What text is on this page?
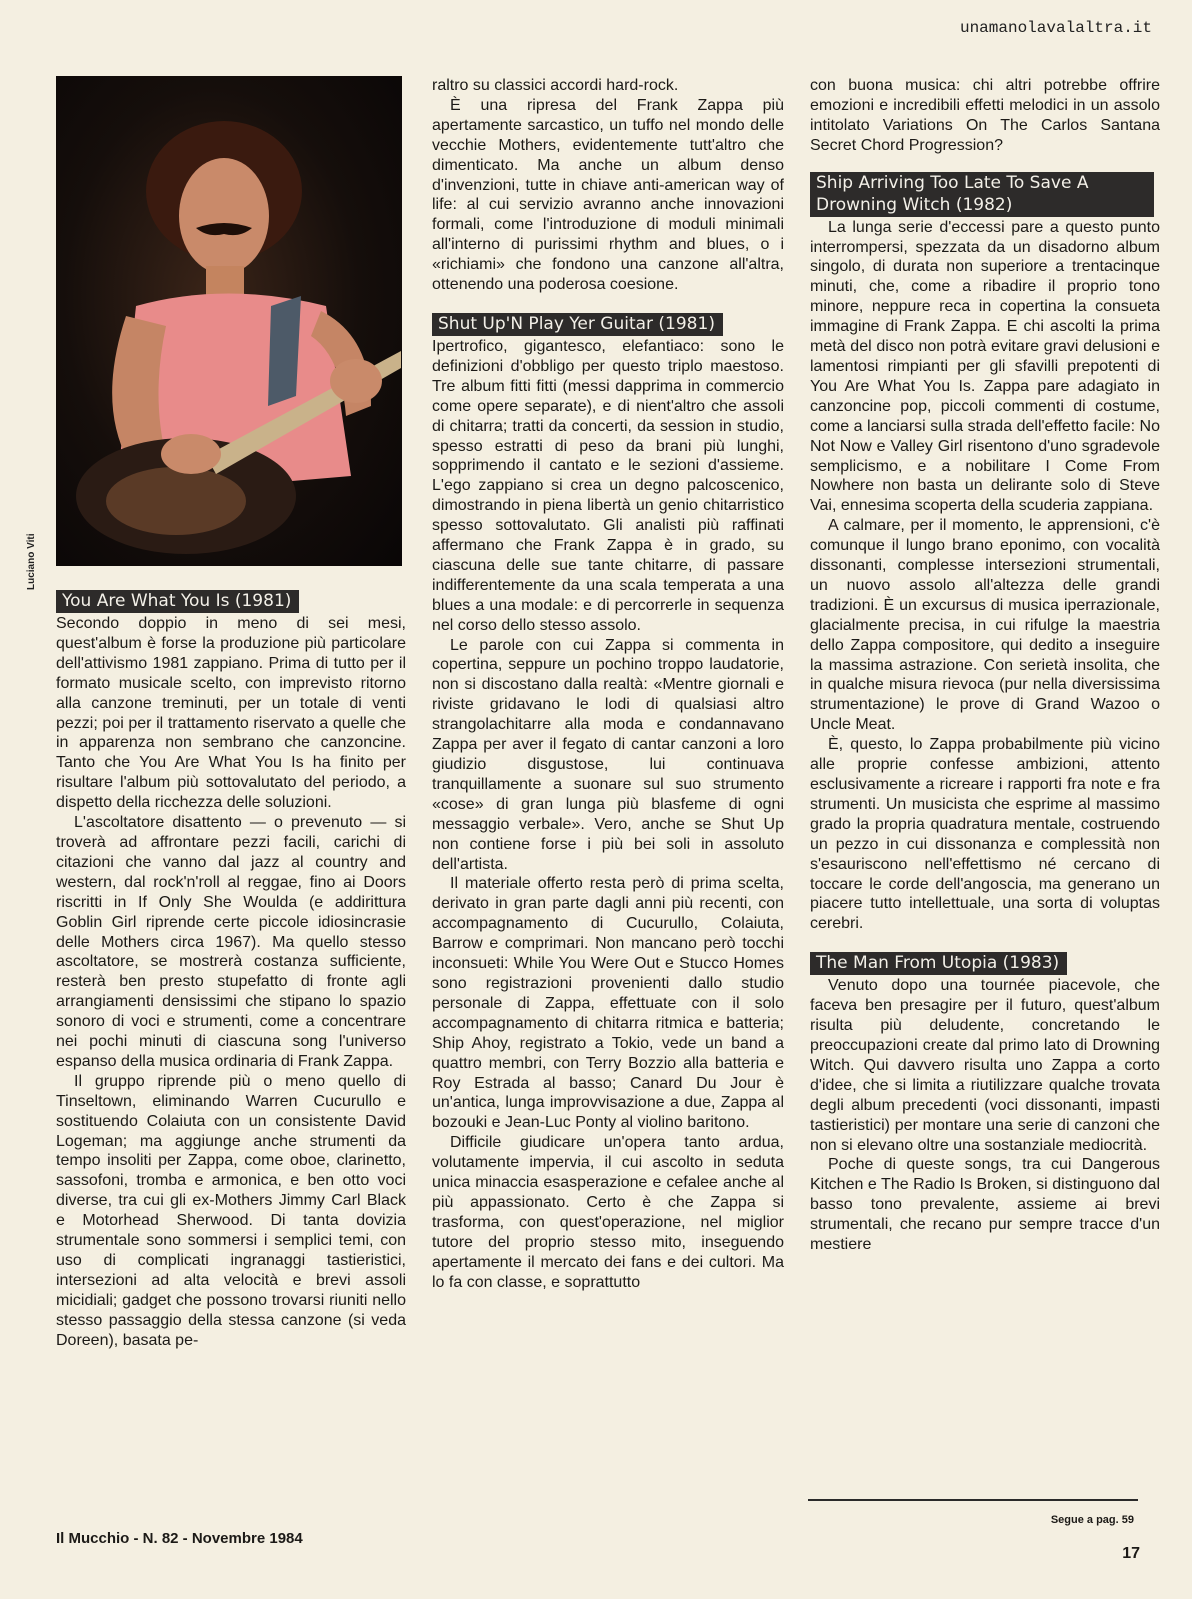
unamanolavalaltra.it
You Are What You Is (1981)

Secondo doppio in meno di sei mesi, quest'album è forse la produzione più particolare dell'attivismo 1981 zappiano. Prima di tutto per il formato musicale scelto, con imprevisto ritorno alla canzone treminuti, per un totale di venti pezzi; poi per il trattamento riservato a quelle che in apparenza non sembrano che canzoncine. Tanto che You Are What You Is ha finito per risultare l'album più sottovalutato del periodo, a dispetto della ricchezza delle soluzioni.

L'ascoltatore disattento — o prevenuto — si troverà ad affrontare pezzi facili, carichi di citazioni che vanno dal jazz al country and western, dal rock'n'roll al reggae, fino ai Doors riscritti in If Only She Woulda (e addirittura Goblin Girl riprende certe piccole idiosincrasie delle Mothers circa 1967). Ma quello stesso ascoltatore, se mostrerà costanza sufficiente, resterà ben presto stupefatto di fronte agli arrangiamenti densissimi che stipano lo spazio sonoro di voci e strumenti, come a concentrare nei pochi minuti di ciascuna song l'universo espanso della musica ordinaria di Frank Zappa.

Il gruppo riprende più o meno quello di Tinseltown, eliminando Warren Cucurullo e sostituendo Colaiuta con un consistente David Logeman; ma aggiunge anche strumenti da tempo insoliti per Zappa, come oboe, clarinetto, sassofoni, tromba e armonica, e ben otto voci diverse, tra cui gli ex-Mothers Jimmy Carl Black e Motorhead Sherwood. Di tanta dovizia strumentale sono sommersi i semplici temi, con uso di complicati ingranaggi tastieristici, intersezioni ad alta velocità e brevi assoli micidiali; gadget che possono trovarsi riuniti nello stesso passaggio della stessa canzone (si veda Doreen), basata pe-

Luciano Viti

raltro su classici accordi hard-rock.

È una ripresa del Frank Zappa più apertamente sarcastico, un tuffo nel mondo delle vecchie Mothers, evidentemente tutt'altro che dimenticato. Ma anche un album denso d'invenzioni, tutte in chiave anti-american way of life: al cui servizio avranno anche innovazioni formali, come l'introduzione di moduli minimali all'interno di purissimi rhythm and blues, o i «richiami» che fondono una canzone all'altra, ottenendo una poderosa coesione.

Shut Up'N Play Yer Guitar (1981)

Ipertrofico, gigantesco, elefantiaco: sono le definizioni d'obbligo per questo triplo maestoso. Tre album fitti fitti (messi dapprima in commercio come opere separate), e di nient'altro che assoli di chitarra; tratti da concerti, da session in studio, spesso estratti di peso da brani più lunghi, sopprimendo il cantato e le sezioni d'assieme. L'ego zappiano si crea un degno palcoscenico, dimostrando in piena libertà un genio chitarristico spesso sottovalutato. Gli analisti più raffinati affermano che Frank Zappa è in grado, su ciascuna delle sue tante chitarre, di passare indifferentemente da una scala temperata a una blues a una modale: e di percorrerle in sequenza nel corso dello stesso assolo.

Le parole con cui Zappa si commenta in copertina, seppure un pochino troppo laudatorie, non si discostano dalla realtà: «Mentre giornali e riviste gridavano le lodi di qualsiasi altro strangolachitarre alla moda e condannavano Zappa per aver il fegato di cantar canzoni a loro giudizio disgustose, lui continuava tranquillamente a suonare sul suo strumento «cose» di gran lunga più blasfeme di ogni messaggio verbale». Vero, anche se Shut Up non contiene forse i più bei soli in assoluto dell'artista.

Il materiale offerto resta però di prima scelta, derivato in gran parte dagli anni più recenti, con accompagnamento di Cucurullo, Colaiuta, Barrow e comprimari. Non mancano però tocchi inconsueti: While You Were Out e Stucco Homes sono registrazioni provenienti dallo studio personale di Zappa, effettuate con il solo accompagnamento di chitarra ritmica e batteria; Ship Ahoy, registrato a Tokio, vede un band a quattro membri, con Terry Bozzio alla batteria e Roy Estrada al basso; Canard Du Jour è un'antica, lunga improvvisazione a due, Zappa al bozouki e Jean-Luc Ponty al violino baritono.

Difficile giudicare un'opera tanto ardua, volutamente impervia, il cui ascolto in seduta unica minaccia esasperazione e cefalee anche al più appassionato. Certo è che Zappa si trasforma, con quest'operazione, nel miglior tutore del proprio stesso mito, inseguendo apertamente il mercato dei fans e dei cultori. Ma lo fa con classe, e soprattutto

con buona musica: chi altri potrebbe offrire emozioni e incredibili effetti melodici in un assolo intitolato Variations On The Carlos Santana Secret Chord Progression?

Ship Arriving Too Late To Save A Drowning Witch (1982)

La lunga serie d'eccessi pare a questo punto interrompersi, spezzata da un disadorno album singolo, di durata non superiore a trentacinque minuti, che, come a ribadire il proprio tono minore, neppure reca in copertina la consueta immagine di Frank Zappa. E chi ascolti la prima metà del disco non potrà evitare gravi delusioni e lamentosi rimpianti per gli sfavilli prepotenti di You Are What You Is. Zappa pare adagiato in canzoncine pop, piccoli commenti di costume, come a lanciarsi sulla strada dell'effetto facile: No Not Now e Valley Girl risentono d'uno sgradevole semplicismo, e a nobilitare I Come From Nowhere non basta un delirante solo di Steve Vai, ennesima scoperta della scuderia zappiana.

A calmare, per il momento, le apprensioni, c'è comunque il lungo brano eponimo, con vocalità dissonanti, complesse intersezioni strumentali, un nuovo assolo all'altezza delle grandi tradizioni. È un excursus di musica iperrazionale, glacialmente precisa, in cui rifulge la maestria dello Zappa compositore, qui dedito a inseguire la massima astrazione. Con serietà insolita, che in qualche misura rievoca (pur nella diversissima strumentazione) le prove di Grand Wazoo o Uncle Meat.

È, questo, lo Zappa probabilmente più vicino alle proprie confesse ambizioni, attento esclusivamente a ricreare i rapporti fra note e fra strumenti. Un musicista che esprime al massimo grado la propria quadratura mentale, costruendo un pezzo in cui dissonanza e complessità non s'esauriscono nell'effettismo né cercano di toccare le corde dell'angoscia, ma generano un piacere tutto intellettuale, una sorta di voluptas cerebri.

The Man From Utopia (1983)

Venuto dopo una tournée piacevole, che faceva ben presagire per il futuro, quest'album risulta più deludente, concretando le preoccupazioni create dal primo lato di Drowning Witch. Qui davvero risulta uno Zappa a corto d'idee, che si limita a riutilizzare qualche trovata degli album precedenti (voci dissonanti, impasti tastieristici) per montare una serie di canzoni che non si elevano oltre una sostanziale mediocrità.

Poche di queste songs, tra cui Dangerous Kitchen e The Radio Is Broken, si distinguono dal basso tono prevalente, assieme ai brevi strumentali, che recano pur sempre tracce d'un mestiere

Segue a pag. 59
Il Mucchio - N. 82 - Novembre 1984
17
